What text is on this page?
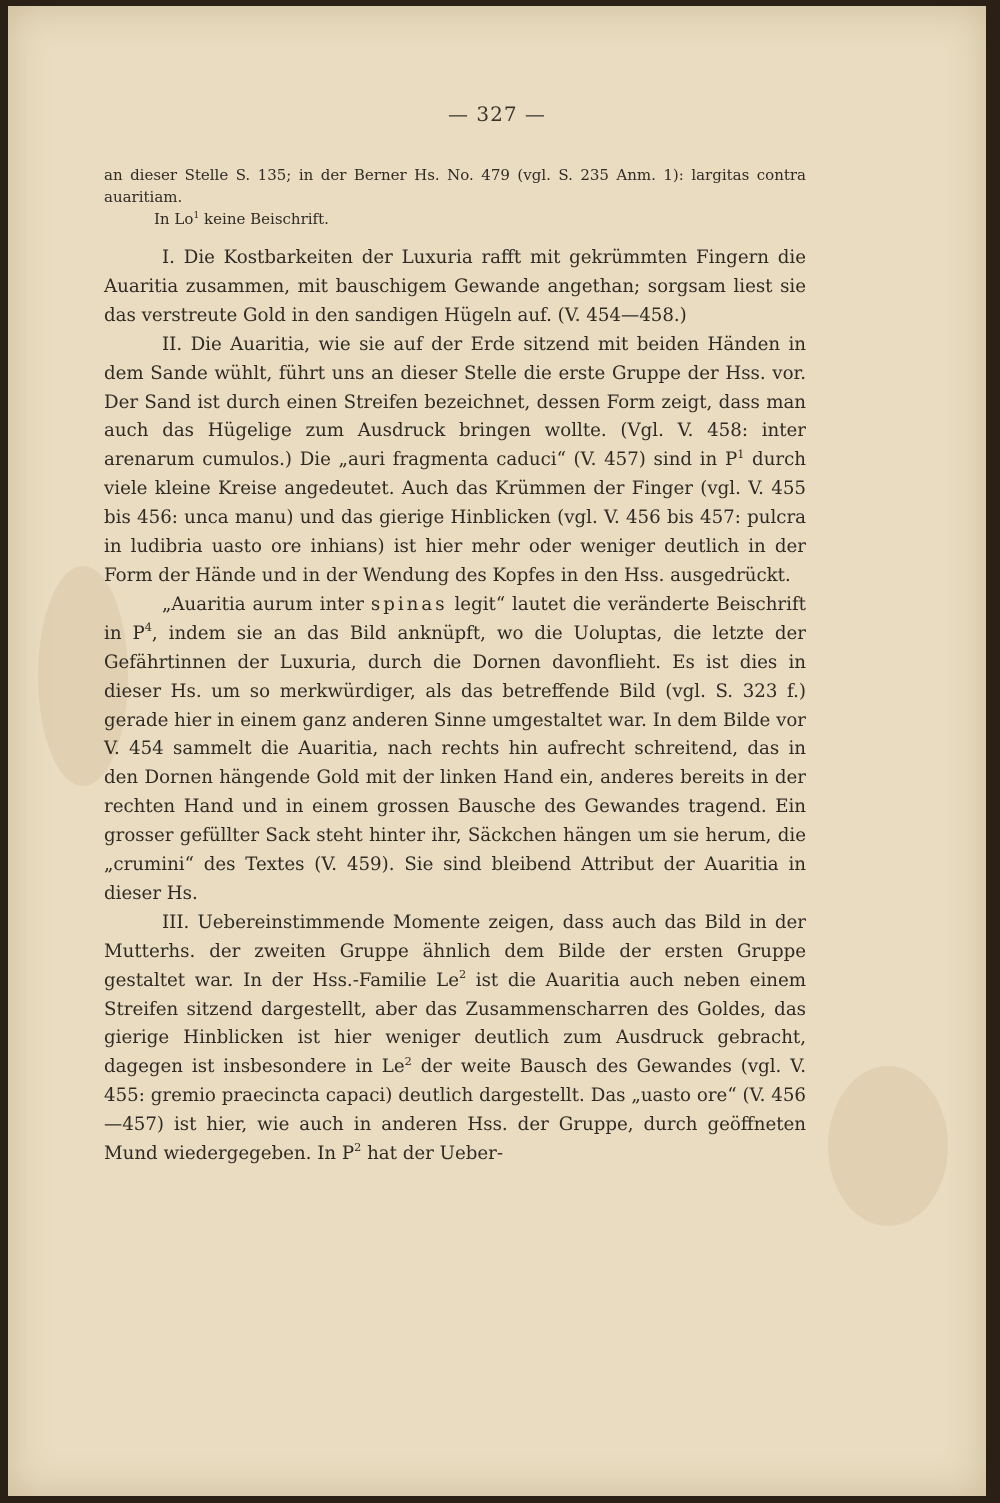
— 327 —

an dieser Stelle S. 135; in der Berner Hs. No. 479 (vgl. S. 235 Anm. 1): largitas contra auaritiam.

In Lo$^1$ keine Beischrift.

I. Die Kostbarkeiten der Luxuria rafft mit gekrümmten Fingern die Auaritia zusammen, mit bauschigem Gewande angethan; sorgsam liest sie das verstreute Gold in den sandigen Hügeln auf. (V. 454—458.)

II. Die Auaritia, wie sie auf der Erde sitzend mit beiden Händen in dem Sande wühlt, führt uns an dieser Stelle die erste Gruppe der Hss. vor. Der Sand ist durch einen Streifen bezeichnet, dessen Form zeigt, dass man auch das Hügelige zum Ausdruck bringen wollte. (Vgl. V. 458: inter arenarum cumulos.) Die „auri fragmenta caduci“ (V. 457) sind in $P^1$ durch viele kleine Kreise angedeutet. Auch das Krümmen der Finger (vgl. V. 455 bis 456: unca manu) und das gierige Hinblicken (vgl. V. 456 bis 457: pulcra in ludibria uasto ore inhians) ist hier mehr oder weniger deutlich in der Form der Hände und in der Wendung des Kopfes in den Hss. ausgedrückt.

„Auaritia aurum inter spinas legit“ lautet die veränderte Beischrift in $P^4$, indem sie an das Bild anknüpft, wo die Uoluptas, die letzte der Gefährtinnen der Luxuria, durch die Dornen davonflieht. Es ist dies in dieser Hs. um so merkwürdiger, als das betreffende Bild (vgl. S. 323 f.) gerade hier in einem ganz anderen Sinne umgestaltet war. In dem Bilde vor V. 454 sammelt die Auaritia, nach rechts hin aufrecht schreitend, das in den Dornen hängende Gold mit der linken Hand ein, anderes bereits in der rechten Hand und in einem grossen Bausche des Gewandes tragend. Ein grosser gefüllter Sack steht hinter ihr, Säckchen hängen um sie herum, die „crumini“ des Textes (V. 459). Sie sind bleibend Attribut der Auaritia in dieser Hs.

III. Uebereinstimmende Momente zeigen, dass auch das Bild in der Mutterhs. der zweiten Gruppe ähnlich dem Bilde der ersten Gruppe gestaltet war. In der Hss.-Familie Le$^2$ ist die Auaritia auch neben einem Streifen sitzend dargestellt, aber das Zusammenscharren des Goldes, das gierige Hinblicken ist hier weniger deutlich zum Ausdruck gebracht, dagegen ist insbesondere in Le$^2$ der weite Bausch des Gewandes (vgl. V. 455: gremio praecincta capaci) deutlich dargestellt. Das „uasto ore“ (V. 456—457) ist hier, wie auch in anderen Hss. der Gruppe, durch geöffneten Mund wiedergegeben. In $P^2$ hat der Ueber-
